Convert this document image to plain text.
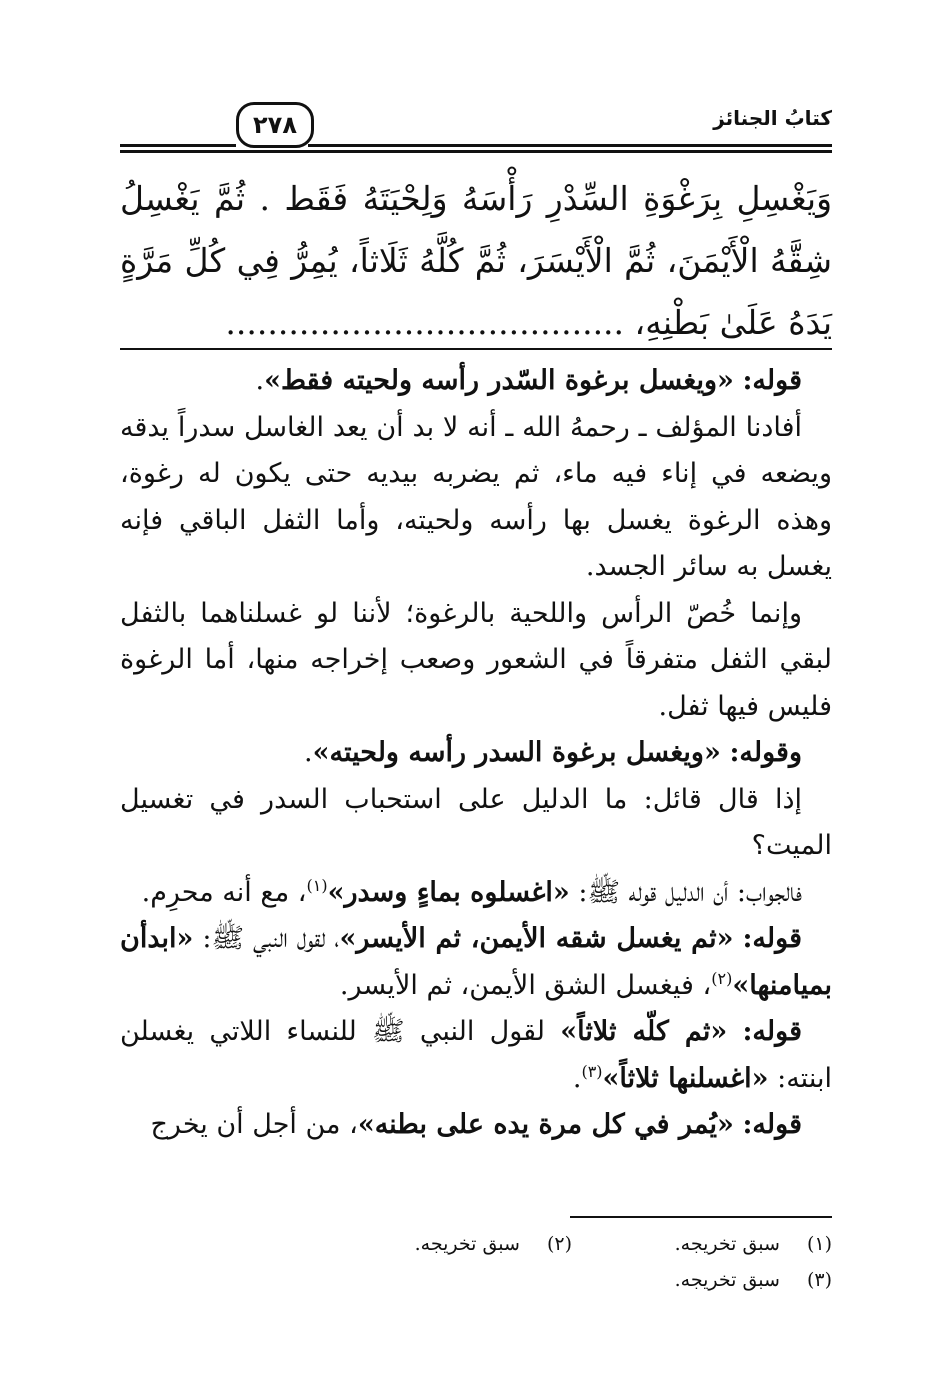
كتابُ الجنائز
٢٧٨
وَيَغْسِلِ بِرَغْوَةِ السِّدْرِ رَأْسَهُ وَلِحْيَتَهُ فَقَط . ثُمَّ يَغْسِلُ شِقَّهُ الْأَيْمَنَ، ثُمَّ الْأَيْسَرَ، ثُمَّ كُلَّهُ ثَلَاثاً، يُمِرُّ فِي كُلِّ مَرَّةٍ يَدَهُ عَلَىٰ بَطْنِهِ، ......................................

قوله: «ويغسل برغوة السّدر رأسه ولحيته فقط».

أفادنا المؤلف ـ رحمهُ الله ـ أنه لا بد أن يعد الغاسل سدراً يدقه ويضعه في إناء فيه ماء، ثم يضربه بيديه حتى يكون له رغوة، وهذه الرغوة يغسل بها رأسه ولحيته، وأما الثفل الباقي فإنه يغسل به سائر الجسد.

وإنما خُصّ الرأس واللحية بالرغوة؛ لأننا لو غسلناهما بالثفل لبقي الثفل متفرقاً في الشعور وصعب إخراجه منها، أما الرغوة فليس فيها ثفل.

وقوله: «ويغسل برغوة السدر رأسه ولحيته».

إذا قال قائل: ما الدليل على استحباب السدر في تغسيل الميت؟

فالجواب: أن الدليل قوله ﷺ: «اغسلوه بماءٍ وسدر»$^{(١)}$، مع أنه محرِم.

قوله: «ثم يغسل شقه الأيمن، ثم الأيسر»، لقول النبي ﷺ: «ابدأن بميامنها»$^{(٢)}$، فيغسل الشق الأيمن، ثم الأيسر.

قوله: «ثم كلّه ثلاثاً» لقول النبي ﷺ للنساء اللاتي يغسلن ابنته: «اغسلنها ثلاثاً»$^{(٣)}$.

قوله: «يُمر في كل مرة يده على بطنه»، من أجل أن يخرج

(١) سبق تخريجه.
(٢) سبق تخريجه.
(٣) سبق تخريجه.
